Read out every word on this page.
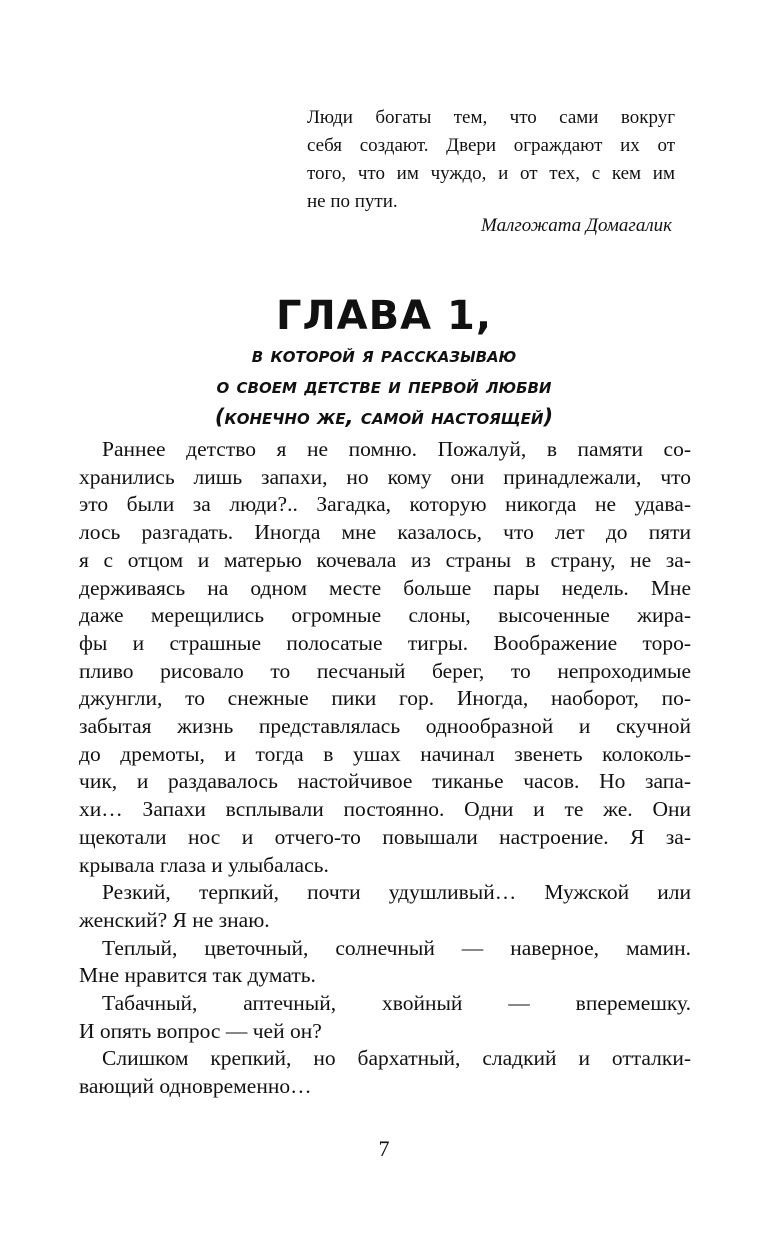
Люди богаты тем, что сами вокруг
себя создают. Двери ограждают их от
того, что им чуждо, и от тех, с кем им
не по пути.
Малгожата Домагалик
ГЛАВА 1,
в которой я рассказываю
о своем детстве и первой любви
(конечно же, самой настоящей)
Раннее детство я не помню. Пожалуй, в памяти со-
хранились лишь запахи, но кому они принадлежали, что
это были за люди?.. Загадка, которую никогда не удава-
лось разгадать. Иногда мне казалось, что лет до пяти
я с отцом и матерью кочевала из страны в страну, не за-
держиваясь на одном месте больше пары недель. Мне
даже мерещились огромные слоны, высоченные жира-
фы и страшные полосатые тигры. Воображение торо-
пливо рисовало то песчаный берег, то непроходимые
джунгли, то снежные пики гор. Иногда, наоборот, по-
забытая жизнь представлялась однообразной и скучной
до дремоты, и тогда в ушах начинал звенеть колоколь-
чик, и раздавалось настойчивое тиканье часов. Но запа-
хи… Запахи всплывали постоянно. Одни и те же. Они
щекотали нос и отчего-то повышали настроение. Я за-
крывала глаза и улыбалась.
Резкий, терпкий, почти удушливый… Мужской или
женский? Я не знаю.
Теплый, цветочный, солнечный — наверное, мамин.
Мне нравится так думать.
Табачный, аптечный, хвойный — вперемешку.
И опять вопрос — чей он?
Слишком крепкий, но бархатный, сладкий и отталки-
вающий одновременно…
7
